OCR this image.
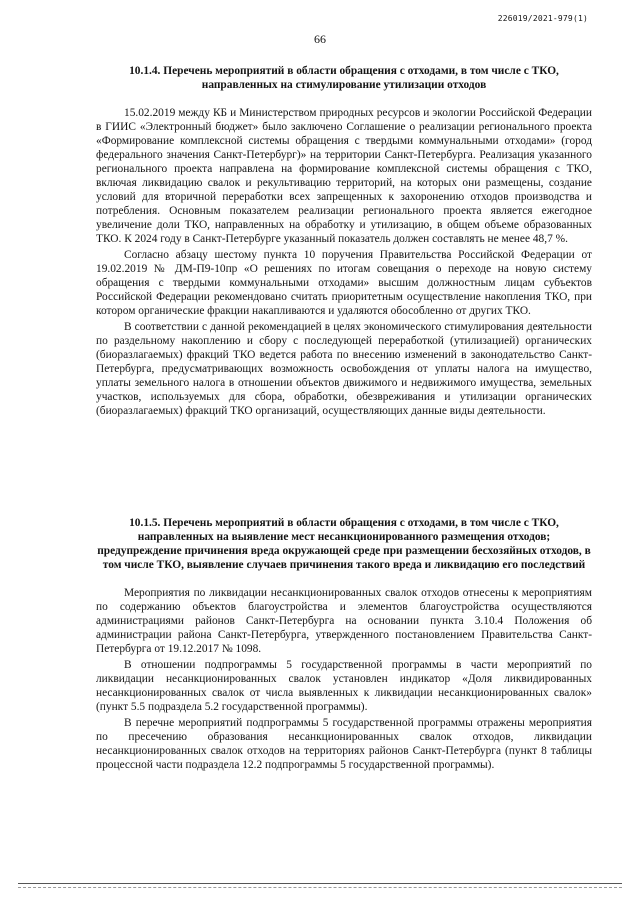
226019/2021-979(1)
66

10.1.4. Перечень мероприятий в области обращения с отходами, в том числе с ТКО, направленных на стимулирование утилизации отходов

15.02.2019 между КБ и Министерством природных ресурсов и экологии Российской Федерации в ГИИС «Электронный бюджет» было заключено Соглашение о реализации регионального проекта «Формирование комплексной системы обращения с твердыми коммунальными отходами» (город федерального значения Санкт-Петербург)» на территории Санкт-Петербурга. Реализация указанного регионального проекта направлена на формирование комплексной системы обращения с ТКО, включая ликвидацию свалок и рекультивацию территорий, на которых они размещены, создание условий для вторичной переработки всех запрещенных к захоронению отходов производства и потребления. Основным показателем реализации регионального проекта является ежегодное увеличение доли ТКО, направленных на обработку и утилизацию, в общем объеме образованных ТКО. К 2024 году в Санкт-Петербурге указанный показатель должен составлять не менее 48,7 %.

Согласно абзацу шестому пункта 10 поручения Правительства Российской Федерации от 19.02.2019 № ДМ-П9-10пр «О решениях по итогам совещания о переходе на новую систему обращения с твердыми коммунальными отходами» высшим должностным лицам субъектов Российской Федерации рекомендовано считать приоритетным осуществление накопления ТКО, при котором органические фракции накапливаются и удаляются обособленно от других ТКО.

В соответствии с данной рекомендацией в целях экономического стимулирования деятельности по раздельному накоплению и сбору с последующей переработкой (утилизацией) органических (биоразлагаемых) фракций ТКО ведется работа по внесению изменений в законодательство Санкт-Петербурга, предусматривающих возможность освобождения от уплаты налога на имущество, уплаты земельного налога в отношении объектов движимого и недвижимого имущества, земельных участков, используемых для сбора, обработки, обезвреживания и утилизации органических (биоразлагаемых) фракций ТКО организаций, осуществляющих данные виды деятельности.

10.1.5. Перечень мероприятий в области обращения с отходами, в том числе с ТКО, направленных на выявление мест несанкционированного размещения отходов; предупреждение причинения вреда окружающей среде при размещении бесхозяйных отходов, в том числе ТКО, выявление случаев причинения такого вреда и ликвидацию его последствий

Мероприятия по ликвидации несанкционированных свалок отходов отнесены к мероприятиям по содержанию объектов благоустройства и элементов благоустройства осуществляются администрациями районов Санкт-Петербурга на основании пункта 3.10.4 Положения об администрации района Санкт-Петербурга, утвержденного постановлением Правительства Санкт-Петербурга от 19.12.2017 № 1098.

В отношении подпрограммы 5 государственной программы в части мероприятий по ликвидации несанкционированных свалок установлен индикатор «Доля ликвидированных несанкционированных свалок от числа выявленных к ликвидации несанкционированных свалок» (пункт 5.5 подраздела 5.2 государственной программы).

В перечне мероприятий подпрограммы 5 государственной программы отражены мероприятия по пресечению образования несанкционированных свалок отходов, ликвидации несанкционированных свалок отходов на территориях районов Санкт-Петербурга (пункт 8 таблицы процессной части подраздела 12.2 подпрограммы 5 государственной программы).
